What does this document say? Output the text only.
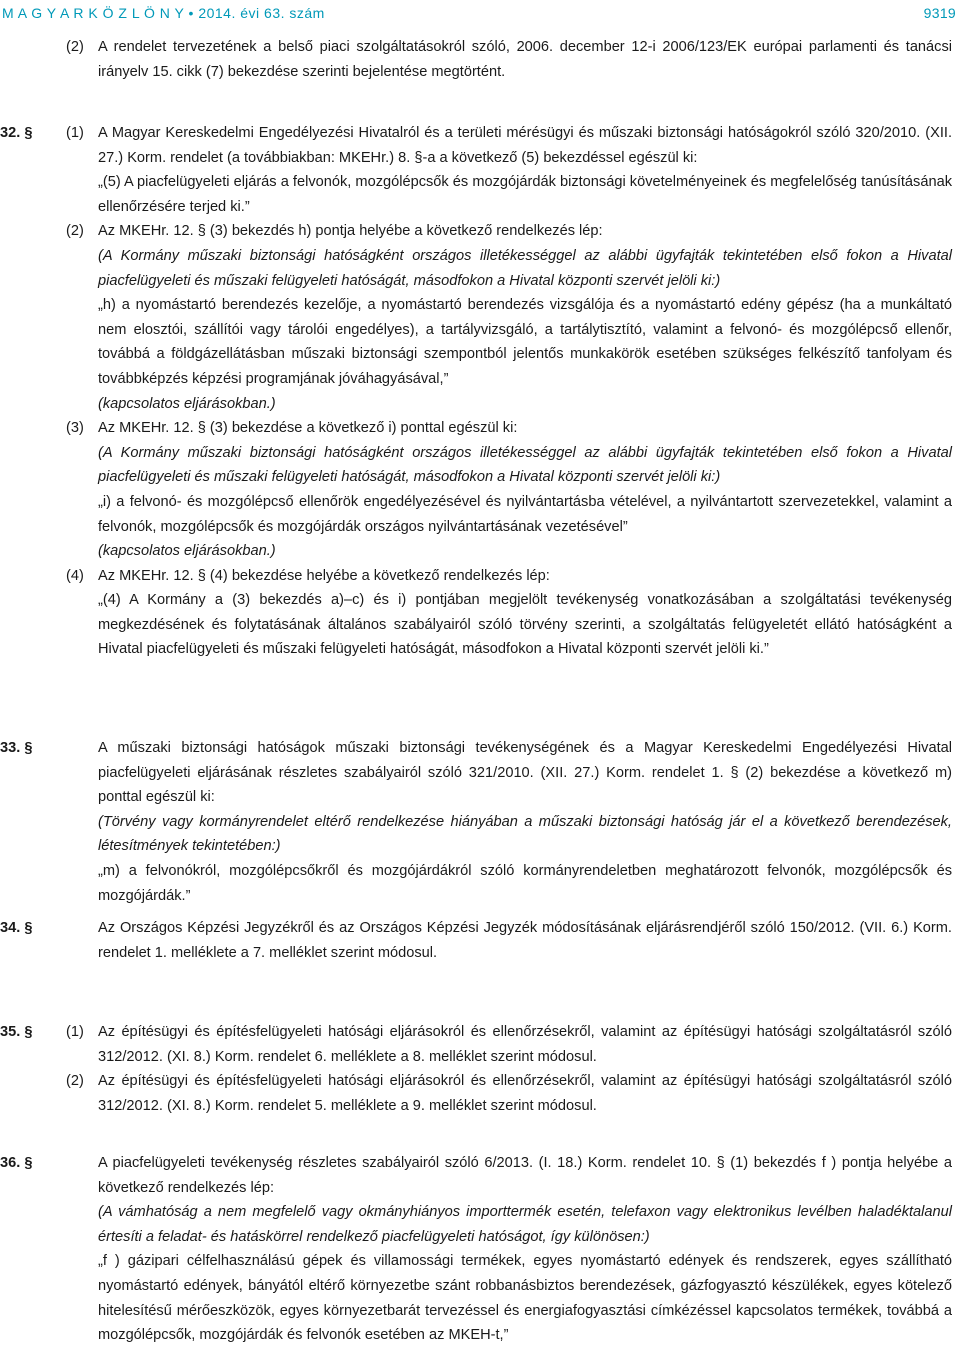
M A G Y A R K Ö Z L Ö N Y • 2014. évi 63. szám	9319
(2) A rendelet tervezetének a belső piaci szolgáltatásokról szóló, 2006. december 12-i 2006/123/EK európai parlamenti és tanácsi irányelv 15. cikk (7) bekezdése szerinti bejelentése megtörtént.

32. § (1) A Magyar Kereskedelmi Engedélyezési Hivatalról és a területi mérésügyi és műszaki biztonsági hatóságokról szóló 320/2010. (XII. 27.) Korm. rendelet (a továbbiakban: MKEHr.) 8. §-a a következő (5) bekezdéssel egészül ki:

„(5) A piacfelügyeleti eljárás a felvonók, mozgólépcsők és mozgójárdák biztonsági követelményeinek és megfelelőség tanúsításának ellenőrzésére terjed ki.”

(2) Az MKEHr. 12. § (3) bekezdés h) pontja helyébe a következő rendelkezés lép:

(A Kormány műszaki biztonsági hatóságként országos illetékességgel az alábbi ügyfajták tekintetében első fokon a Hivatal piacfelügyeleti és műszaki felügyeleti hatóságát, másodfokon a Hivatal központi szervét jelöli ki:)

„h) a nyomástartó berendezés kezelője, a nyomástartó berendezés vizsgálója és a nyomástartó edény gépész (ha a munkáltató nem elosztói, szállítói vagy tárolói engedélyes), a tartályvizsgáló, a tartálytisztító, valamint a felvonó- és mozgólépcső ellenőr, továbbá a földgázellátásban műszaki biztonsági szempontból jelentős munkakörök esetében szükséges felkészítő tanfolyam és továbbképzés képzési programjának jóváhagyásával,”

(kapcsolatos eljárásokban.)

(3) Az MKEHr. 12. § (3) bekezdése a következő i) ponttal egészül ki:

(A Kormány műszaki biztonsági hatóságként országos illetékességgel az alábbi ügyfajták tekintetében első fokon a Hivatal piacfelügyeleti és műszaki felügyeleti hatóságát, másodfokon a Hivatal központi szervét jelöli ki:)

„i) a felvonó- és mozgólépcső ellenőrök engedélyezésével és nyilvántartásba vételével, a nyilvántartott szervezetekkel, valamint a felvonók, mozgólépcsők és mozgójárdák országos nyilvántartásának vezetésével”

(kapcsolatos eljárásokban.)

(4) Az MKEHr. 12. § (4) bekezdése helyébe a következő rendelkezés lép:

„(4) A Kormány a (3) bekezdés a)–c) és i) pontjában megjelölt tevékenység vonatkozásában a szolgáltatási tevékenység megkezdésének és folytatásának általános szabályairól szóló törvény szerinti, a szolgáltatás felügyeletét ellátó hatóságként a Hivatal piacfelügyeleti és műszaki felügyeleti hatóságát, másodfokon a Hivatal központi szervét jelöli ki.”

33. §	A műszaki biztonsági hatóságok műszaki biztonsági tevékenységének és a Magyar Kereskedelmi Engedélyezési Hivatal piacfelügyeleti eljárásának részletes szabályairól szóló 321/2010. (XII. 27.) Korm. rendelet 1. § (2) bekezdése a következő m) ponttal egészül ki:

(Törvény vagy kormányrendelet eltérő rendelkezése hiányában a műszaki biztonsági hatóság jár el a következő berendezések, létesítmények tekintetében:)

„m) a felvonókról, mozgólépcsőkről és mozgójárdákról szóló kormányrendeletben meghatározott felvonók, mozgólépcsők és mozgójárdák.”

34. §	Az Országos Képzési Jegyzékről és az Országos Képzési Jegyzék módosításának eljárásrendjéről szóló 150/2012. (VII. 6.) Korm. rendelet 1. melléklete a 7. melléklet szerint módosul.

35. § (1) Az építésügyi és építésfelügyeleti hatósági eljárásokról és ellenőrzésekről, valamint az építésügyi hatósági szolgáltatásról szóló 312/2012. (XI. 8.) Korm. rendelet 6. melléklete a 8. melléklet szerint módosul.

(2) Az építésügyi és építésfelügyeleti hatósági eljárásokról és ellenőrzésekről, valamint az építésügyi hatósági szolgáltatásról szóló 312/2012. (XI. 8.) Korm. rendelet 5. melléklete a 9. melléklet szerint módosul.

36. §	A piacfelügyeleti tevékenység részletes szabályairól szóló 6/2013. (I. 18.) Korm. rendelet 10. § (1) bekezdés f ) pontja helyébe a következő rendelkezés lép:

(A vámhatóság a nem megfelelő vagy okmányhiányos importtermék esetén, telefaxon vagy elektronikus levélben haladéktalanul értesíti a feladat- és hatáskörrel rendelkező piacfelügyeleti hatóságot, így különösen:)

„f ) gázipari célfelhasználású gépek és villamossági termékek, egyes nyomástartó edények és rendszerek, egyes szállítható nyomástartó edények, bányától eltérő környezetbe szánt robbanásbiztos berendezések, gázfogyasztó készülékek, egyes kötelező hitelesítésű mérőeszközök, egyes környezetbarát tervezéssel és energiafogyasztási címkézéssel kapcsolatos termékek, továbbá a mozgólépcsők, mozgójárdák és felvonók esetében az MKEH-t,”
